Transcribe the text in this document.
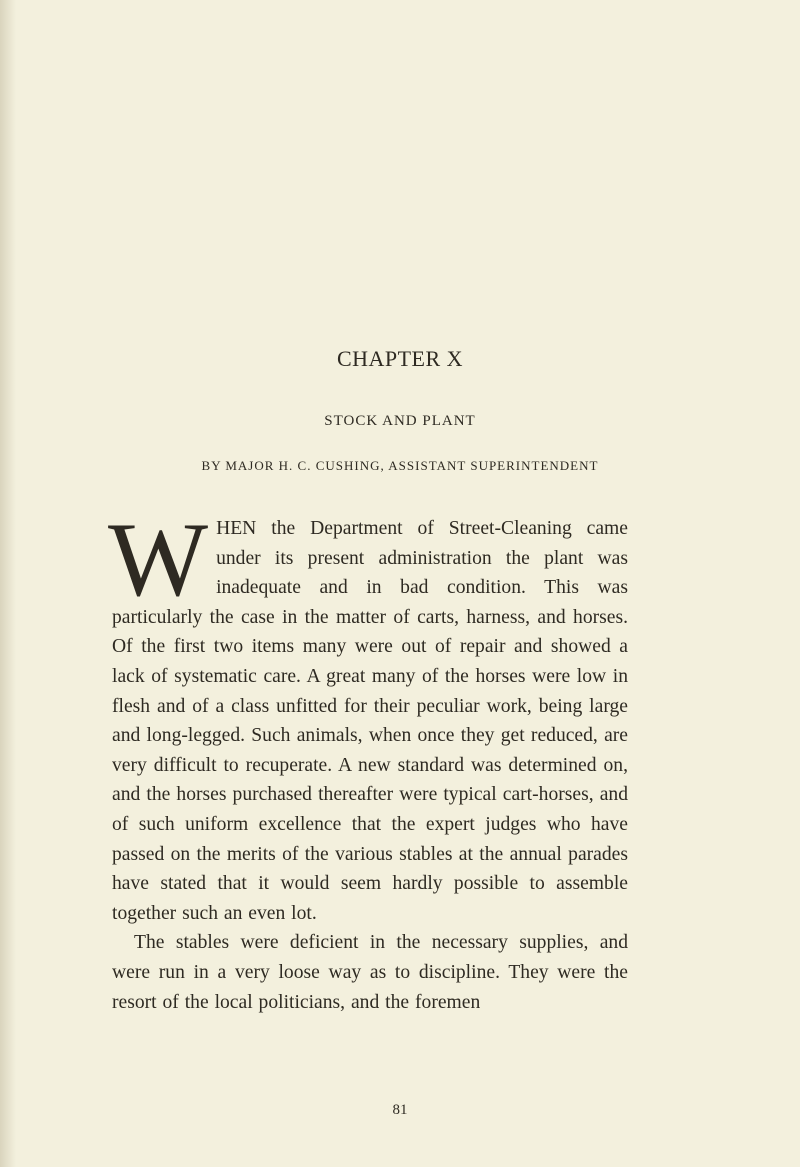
CHAPTER X
STOCK AND PLANT
BY MAJOR H. C. CUSHING, ASSISTANT SUPERINTENDENT

W HEN the Department of Street-Cleaning came under its present administration the plant was inadequate and in bad condition. This was particularly the case in the matter of carts, harness, and horses. Of the first two items many were out of repair and showed a lack of systematic care. A great many of the horses were low in flesh and of a class unfitted for their peculiar work, being large and long-legged. Such animals, when once they get reduced, are very difficult to recuperate. A new standard was determined on, and the horses purchased thereafter were typical cart-horses, and of such uniform excellence that the expert judges who have passed on the merits of the various stables at the annual parades have stated that it would seem hardly possible to assemble together such an even lot.

The stables were deficient in the necessary supplies, and were run in a very loose way as to discipline. They were the resort of the local politicians, and the foremen

81
